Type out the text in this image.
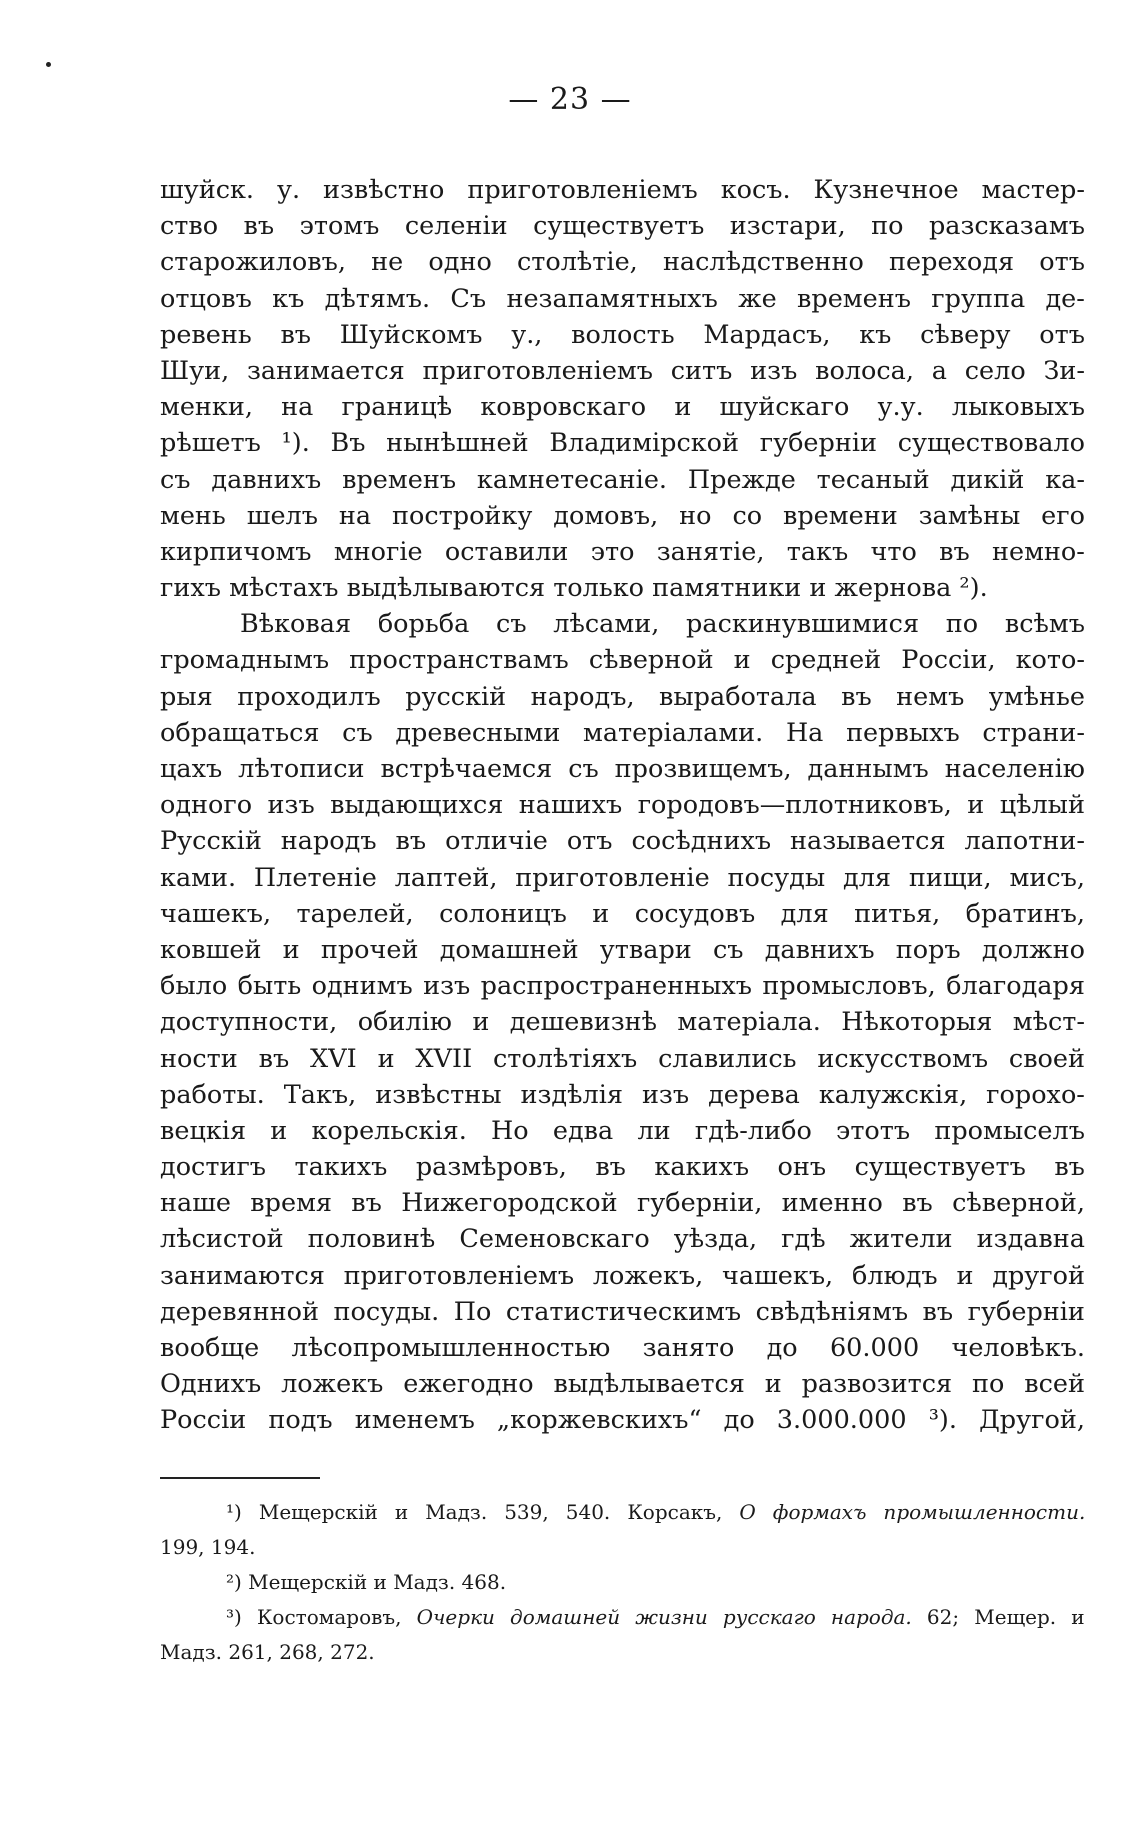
— 23 —
шуйск. у. извѣстно приготовленіемъ косъ. Кузнечное мастер-
ство въ этомъ селеніи существуетъ изстари, по разсказамъ
старожиловъ, не одно столѣтіе, наслѣдственно переходя отъ
отцовъ къ дѣтямъ. Съ незапамятныхъ же временъ группа де-
ревень въ Шуйскомъ у., волость Мардасъ, къ сѣверу отъ
Шуи, занимается приготовленіемъ ситъ изъ волоса, а село Зи-
менки, на границѣ ковровскаго и шуйскаго у.у. лыковыхъ
рѣшетъ ¹). Въ нынѣшней Владимірской губерніи существовало
съ давнихъ временъ камнетесаніе. Прежде тесаный дикій ка-
мень шелъ на постройку домовъ, но со времени замѣны его
кирпичомъ многіе оставили это занятіе, такъ что въ немно-
гихъ
мѣстахъ
выдѣлываются
только
памятники
и
жернова
²).
Вѣковая борьба съ лѣсами, раскинувшимися по всѣмъ
громаднымъ пространствамъ сѣверной и средней Россіи, кото-
рыя проходилъ русскій народъ, выработала въ немъ умѣнье
обращаться съ древесными матеріалами. На первыхъ страни-
цахъ лѣтописи встрѣчаемся съ прозвищемъ, даннымъ населенію
одного изъ выдающихся нашихъ городовъ—плотниковъ, и цѣлый
Русскій народъ въ отличіе отъ сосѣднихъ называется лапотни-
ками. Плетеніе лаптей, приготовленіе посуды для пищи, мисъ,
чашекъ, тарелей, солоницъ и сосудовъ для питья, братинъ,
ковшей и прочей домашней утвари съ давнихъ поръ должно
было быть однимъ изъ распространенныхъ промысловъ, благодаря
доступности, обилію и дешевизнѣ матеріала. Нѣкоторыя мѣст-
ности въ XVI и XVII столѣтіяхъ славились искусствомъ своей
работы. Такъ, извѣстны издѣлія изъ дерева калужскія, горохо-
вецкія и корельскія. Но едва ли гдѣ-либо этотъ промыселъ
достигъ такихъ размѣровъ, въ какихъ онъ существуетъ въ
наше время въ Нижегородской губерніи, именно въ сѣверной,
лѣсистой половинѣ Семеновскаго уѣзда, гдѣ жители издавна
занимаются приготовленіемъ ложекъ, чашекъ, блюдъ и другой
деревянной посуды. По статистическимъ свѣдѣніямъ въ губерніи
вообще лѣсопромышленностью занято до 60.000 человѣкъ.
Однихъ ложекъ ежегодно выдѣлывается и развозится по всей
Россіи подъ именемъ „коржевскихъ“ до 3.000.000 ³). Другой,
¹) Мещерскій и Мадз. 539, 540. Корсакъ, О формахъ промышленности.
199, 194.
²) Мещерскій и Мадз. 468.
³) Костомаровъ, Очерки домашней жизни русскаго народа. 62; Мещер. и
Мадз. 261, 268, 272.
